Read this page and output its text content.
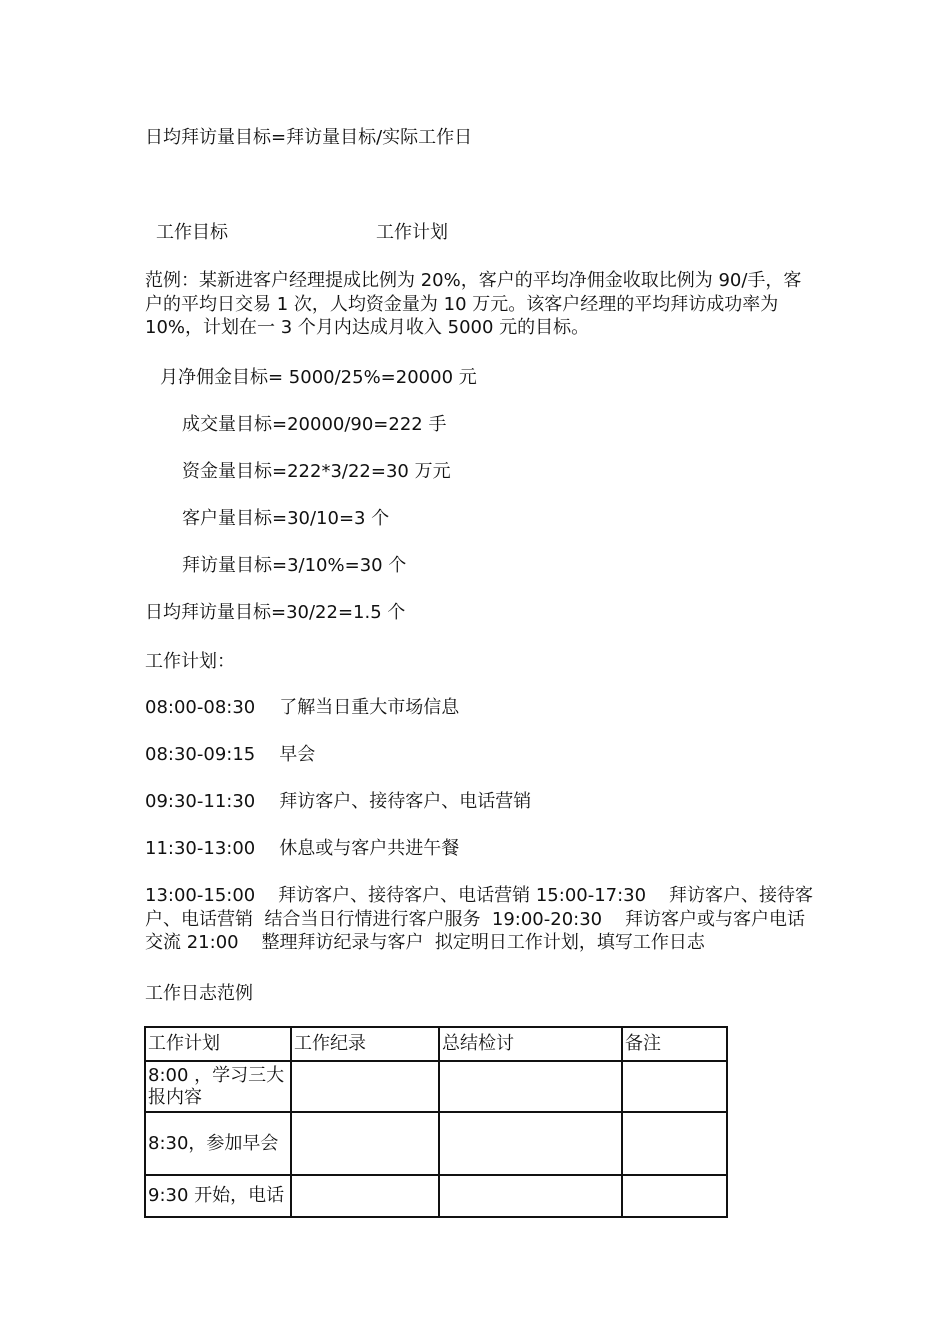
日均拜访量目标=拜访量目标/实际工作日
工作目标	工作计划
范例：某新进客户经理提成比例为 20%，客户的平均净佣金收取比例为 90/手，客户的平均日交易 1 次，人均资金量为 10 万元。该客户经理的平均拜访成功率为 10%，计划在一 3 个月内达成月收入 5000 元的目标。
月净佣金目标= 5000/25%=20000 元
成交量目标=20000/90=222 手
资金量目标=222*3/22=30 万元
客户量目标=30/10=3 个
拜访量目标=3/10%=30 个
日均拜访量目标=30/22=1.5 个
工作计划：
08:00-08:30 了解当日重大市场信息
08:30-09:15 早会
09:30-11:30 拜访客户、接待客户、电话营销
11:30-13:00 休息或与客户共进午餐
13:00-15:00    拜访客户、接待客户、电话营销 15:00-17:30    拜访客户、接待客户、电话营销  结合当日行情进行客户服务  19:00-20:30    拜访客户或与客户电话交流 21:00    整理拜访纪录与客户  拟定明日工作计划，填写工作日志
工作日志范例
工作计划	工作纪录	总结检讨	备注
8:00 ，学习三大报内容			
8:30，参加早会			
9:30 开始，电话			
